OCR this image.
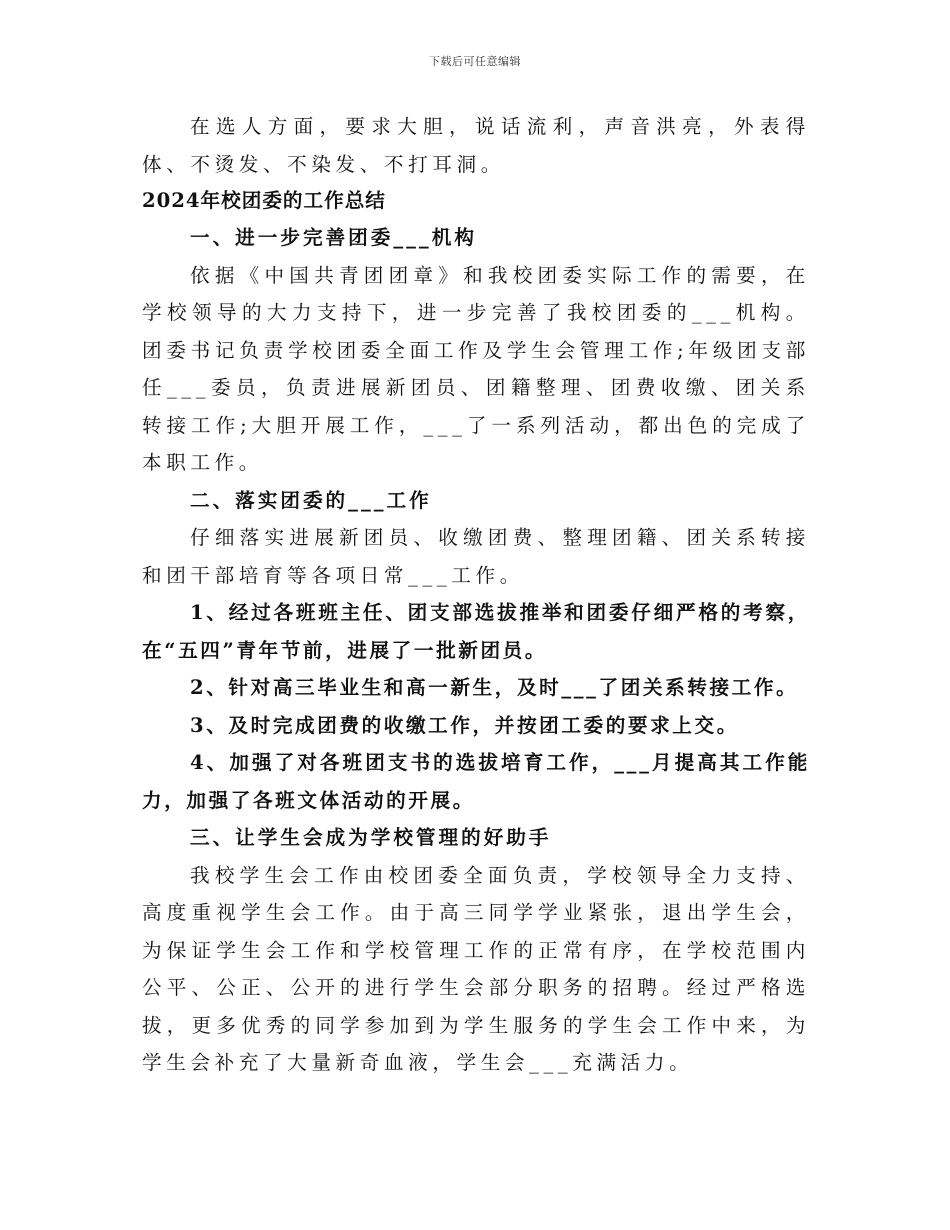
下载后可任意编辑

在选人方面，要求大胆，说话流利，声音洪亮，外表得体、不烫发、不染发、不打耳洞。

2024年校团委的工作总结

一、进一步完善团委___机构

依据《中国共青团团章》和我校团委实际工作的需要，在学校领导的大力支持下，进一步完善了我校团委的___机构。团委书记负责学校团委全面工作及学生会管理工作;年级团支部任___委员，负责进展新团员、团籍整理、团费收缴、团关系转接工作;大胆开展工作，___了一系列活动，都出色的完成了本职工作。

二、落实团委的___工作

仔细落实进展新团员、收缴团费、整理团籍、团关系转接和团干部培育等各项日常___工作。

1、经过各班班主任、团支部选拔推举和团委仔细严格的考察，在“五四”青年节前，进展了一批新团员。

2、针对高三毕业生和高一新生，及时___了团关系转接工作。

3、及时完成团费的收缴工作，并按团工委的要求上交。

4、加强了对各班团支书的选拔培育工作，___月提高其工作能力，加强了各班文体活动的开展。

三、让学生会成为学校管理的好助手

我校学生会工作由校团委全面负责，学校领导全力支持、高度重视学生会工作。由于高三同学学业紧张，退出学生会，为保证学生会工作和学校管理工作的正常有序，在学校范围内公平、公正、公开的进行学生会部分职务的招聘。经过严格选拔，更多优秀的同学参加到为学生服务的学生会工作中来，为学生会补充了大量新奇血液，学生会___充满活力。
